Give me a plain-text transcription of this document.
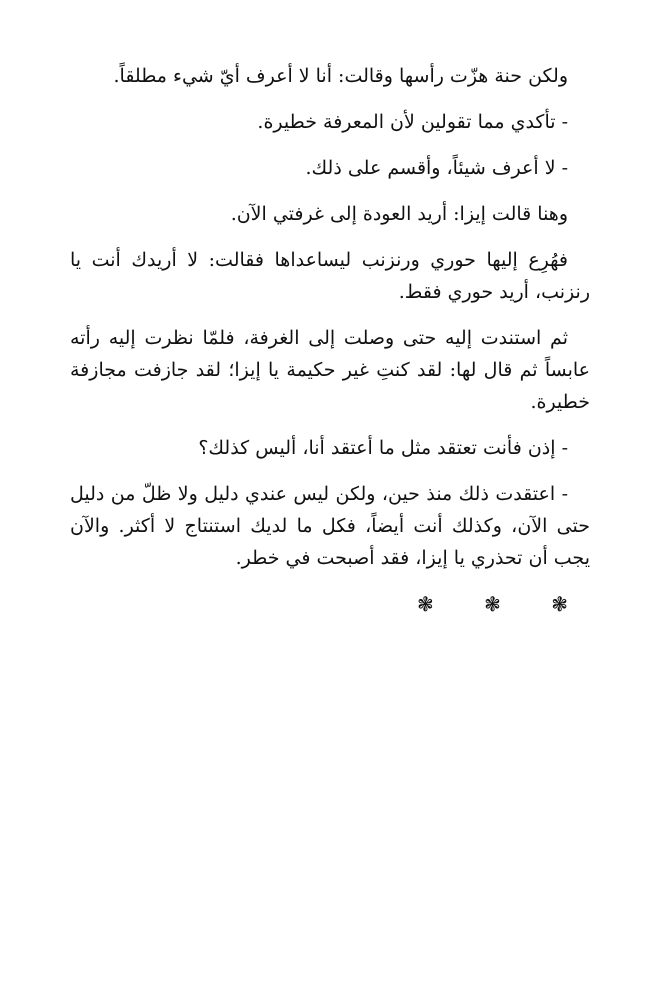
ولكن حنة هزّت رأسها وقالت: أنا لا أعرف أيّ شيء مطلقاً.

- تأكدي مما تقولين لأن المعرفة خطيرة.

- لا أعرف شيئاً، وأقسم على ذلك.

وهنا قالت إيزا: أريد العودة إلى غرفتي الآن.

فهُرِع إليها حوري ورنزنب ليساعداها فقالت: لا أريدك أنت يا رنزنب، أريد حوري فقط.

ثم استندت إليه حتى وصلت إلى الغرفة، فلمّا نظرت إليه رأته عابساً ثم قال لها: لقد كنتِ غير حكيمة يا إيزا؛ لقد جازفت مجازفة خطيرة.

- إذن فأنت تعتقد مثل ما أعتقد أنا، أليس كذلك؟

- اعتقدت ذلك منذ حين، ولكن ليس عندي دليل ولا ظلّ من دليل حتى الآن، وكذلك أنت أيضاً، فكل ما لديك استنتاج لا أكثر. والآن يجب أن تحذري يا إيزا، فقد أصبحت في خطر.

❃ ❃ ❃
